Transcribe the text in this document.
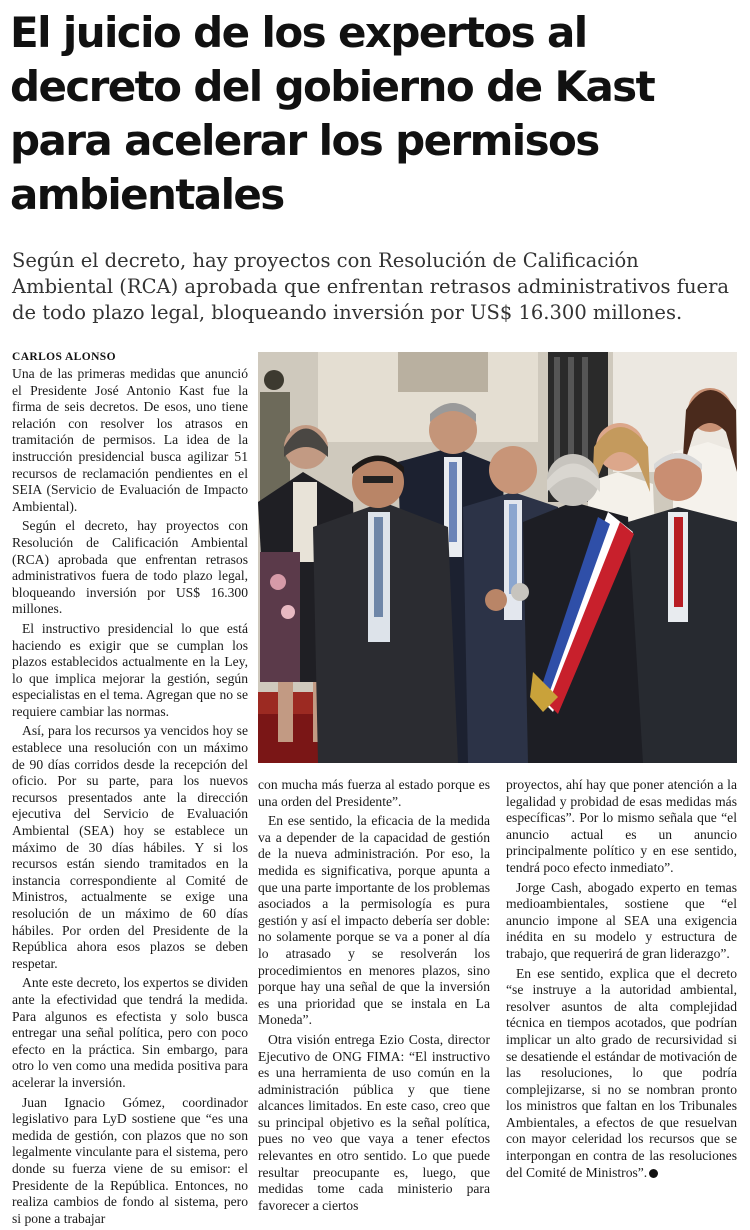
El juicio de los expertos al decreto del gobierno de Kast para acelerar los permisos ambientales

Según el decreto, hay proyectos con Resolución de Calificación Ambiental (RCA) aprobada que enfrentan retrasos administrativos fuera de todo plazo legal, bloqueando inversión por US$ 16.300 millones.

CARLOS ALONSO

Una de las primeras medidas que anunció el Presidente José Antonio Kast fue la firma de seis decretos. De esos, uno tiene relación con resolver los atrasos en tramitación de permisos. La idea de la instrucción presidencial busca agilizar 51 recursos de reclamación pendientes en el SEIA (Servicio de Evaluación de Impacto Ambiental).

Según el decreto, hay proyectos con Resolución de Calificación Ambiental (RCA) aprobada que enfrentan retrasos administrativos fuera de todo plazo legal, bloqueando inversión por US$ 16.300 millones.

El instructivo presidencial lo que está haciendo es exigir que se cumplan los plazos establecidos actualmente en la Ley, lo que implica mejorar la gestión, según especialistas en el tema. Agregan que no se requiere cambiar las normas.

Así, para los recursos ya vencidos hoy se establece una resolución con un máximo de 90 días corridos desde la recepción del oficio. Por su parte, para los nuevos recursos presentados ante la dirección ejecutiva del Servicio de Evaluación Ambiental (SEA) hoy se establece un máximo de 30 días hábiles. Y si los recursos están siendo tramitados en la instancia correspondiente al Comité de Ministros, actualmente se exige una resolución de un máximo de 60 días hábiles. Por orden del Presidente de la República ahora esos plazos se deben respetar.

Ante este decreto, los expertos se dividen ante la efectividad que tendrá la medida. Para algunos es efectista y solo busca entregar una señal política, pero con poco efecto en la práctica. Sin embargo, para otro lo ven como una medida positiva para acelerar la inversión.

Juan Ignacio Gómez, coordinador legislativo para LyD sostiene que “es una medida de gestión, con plazos que no son legalmente vinculante para el sistema, pero donde su fuerza viene de su emisor: el Presidente de la República. Entonces, no realiza cambios de fondo al sistema, pero si pone a trabajar

con mucha más fuerza al estado porque es una orden del Presidente”.

En ese sentido, la eficacia de la medida va a depender de la capacidad de gestión de la nueva administración. Por eso, la medida es significativa, porque apunta a que una parte importante de los problemas asociados a la permisología es pura gestión y así el impacto debería ser doble: no solamente porque se va a poner al día lo atrasado y se resolverán los procedimientos en menores plazos, sino porque hay una señal de que la inversión es una prioridad que se instala en La Moneda”.

Otra visión entrega Ezio Costa, director Ejecutivo de ONG FIMA: “El instructivo es una herramienta de uso común en la administración pública y que tiene alcances limitados. En este caso, creo que su principal objetivo es la señal política, pues no veo que vaya a tener efectos relevantes en otro sentido. Lo que puede resultar preocupante es, luego, que medidas tome cada ministerio para favorecer a ciertos

proyectos, ahí hay que poner atención a la legalidad y probidad de esas medidas más específicas”. Por lo mismo señala que “el anuncio actual es un anuncio principalmente político y en ese sentido, tendrá poco efecto inmediato”.

Jorge Cash, abogado experto en temas medioambientales, sostiene que “el anuncio impone al SEA una exigencia inédita en su modelo y estructura de trabajo, que requerirá de gran liderazgo”.

En ese sentido, explica que el decreto “se instruye a la autoridad ambiental, resolver asuntos de alta complejidad técnica en tiempos acotados, que podrían implicar un alto grado de recursividad si se desatiende el estándar de motivación de las resoluciones, lo que podría complejizarse, si no se nombran pronto los ministros que faltan en los Tribunales Ambientales, a efectos de que resuelvan con mayor celeridad los recursos que se interpongan en contra de las resoluciones del Comité de Ministros”.
